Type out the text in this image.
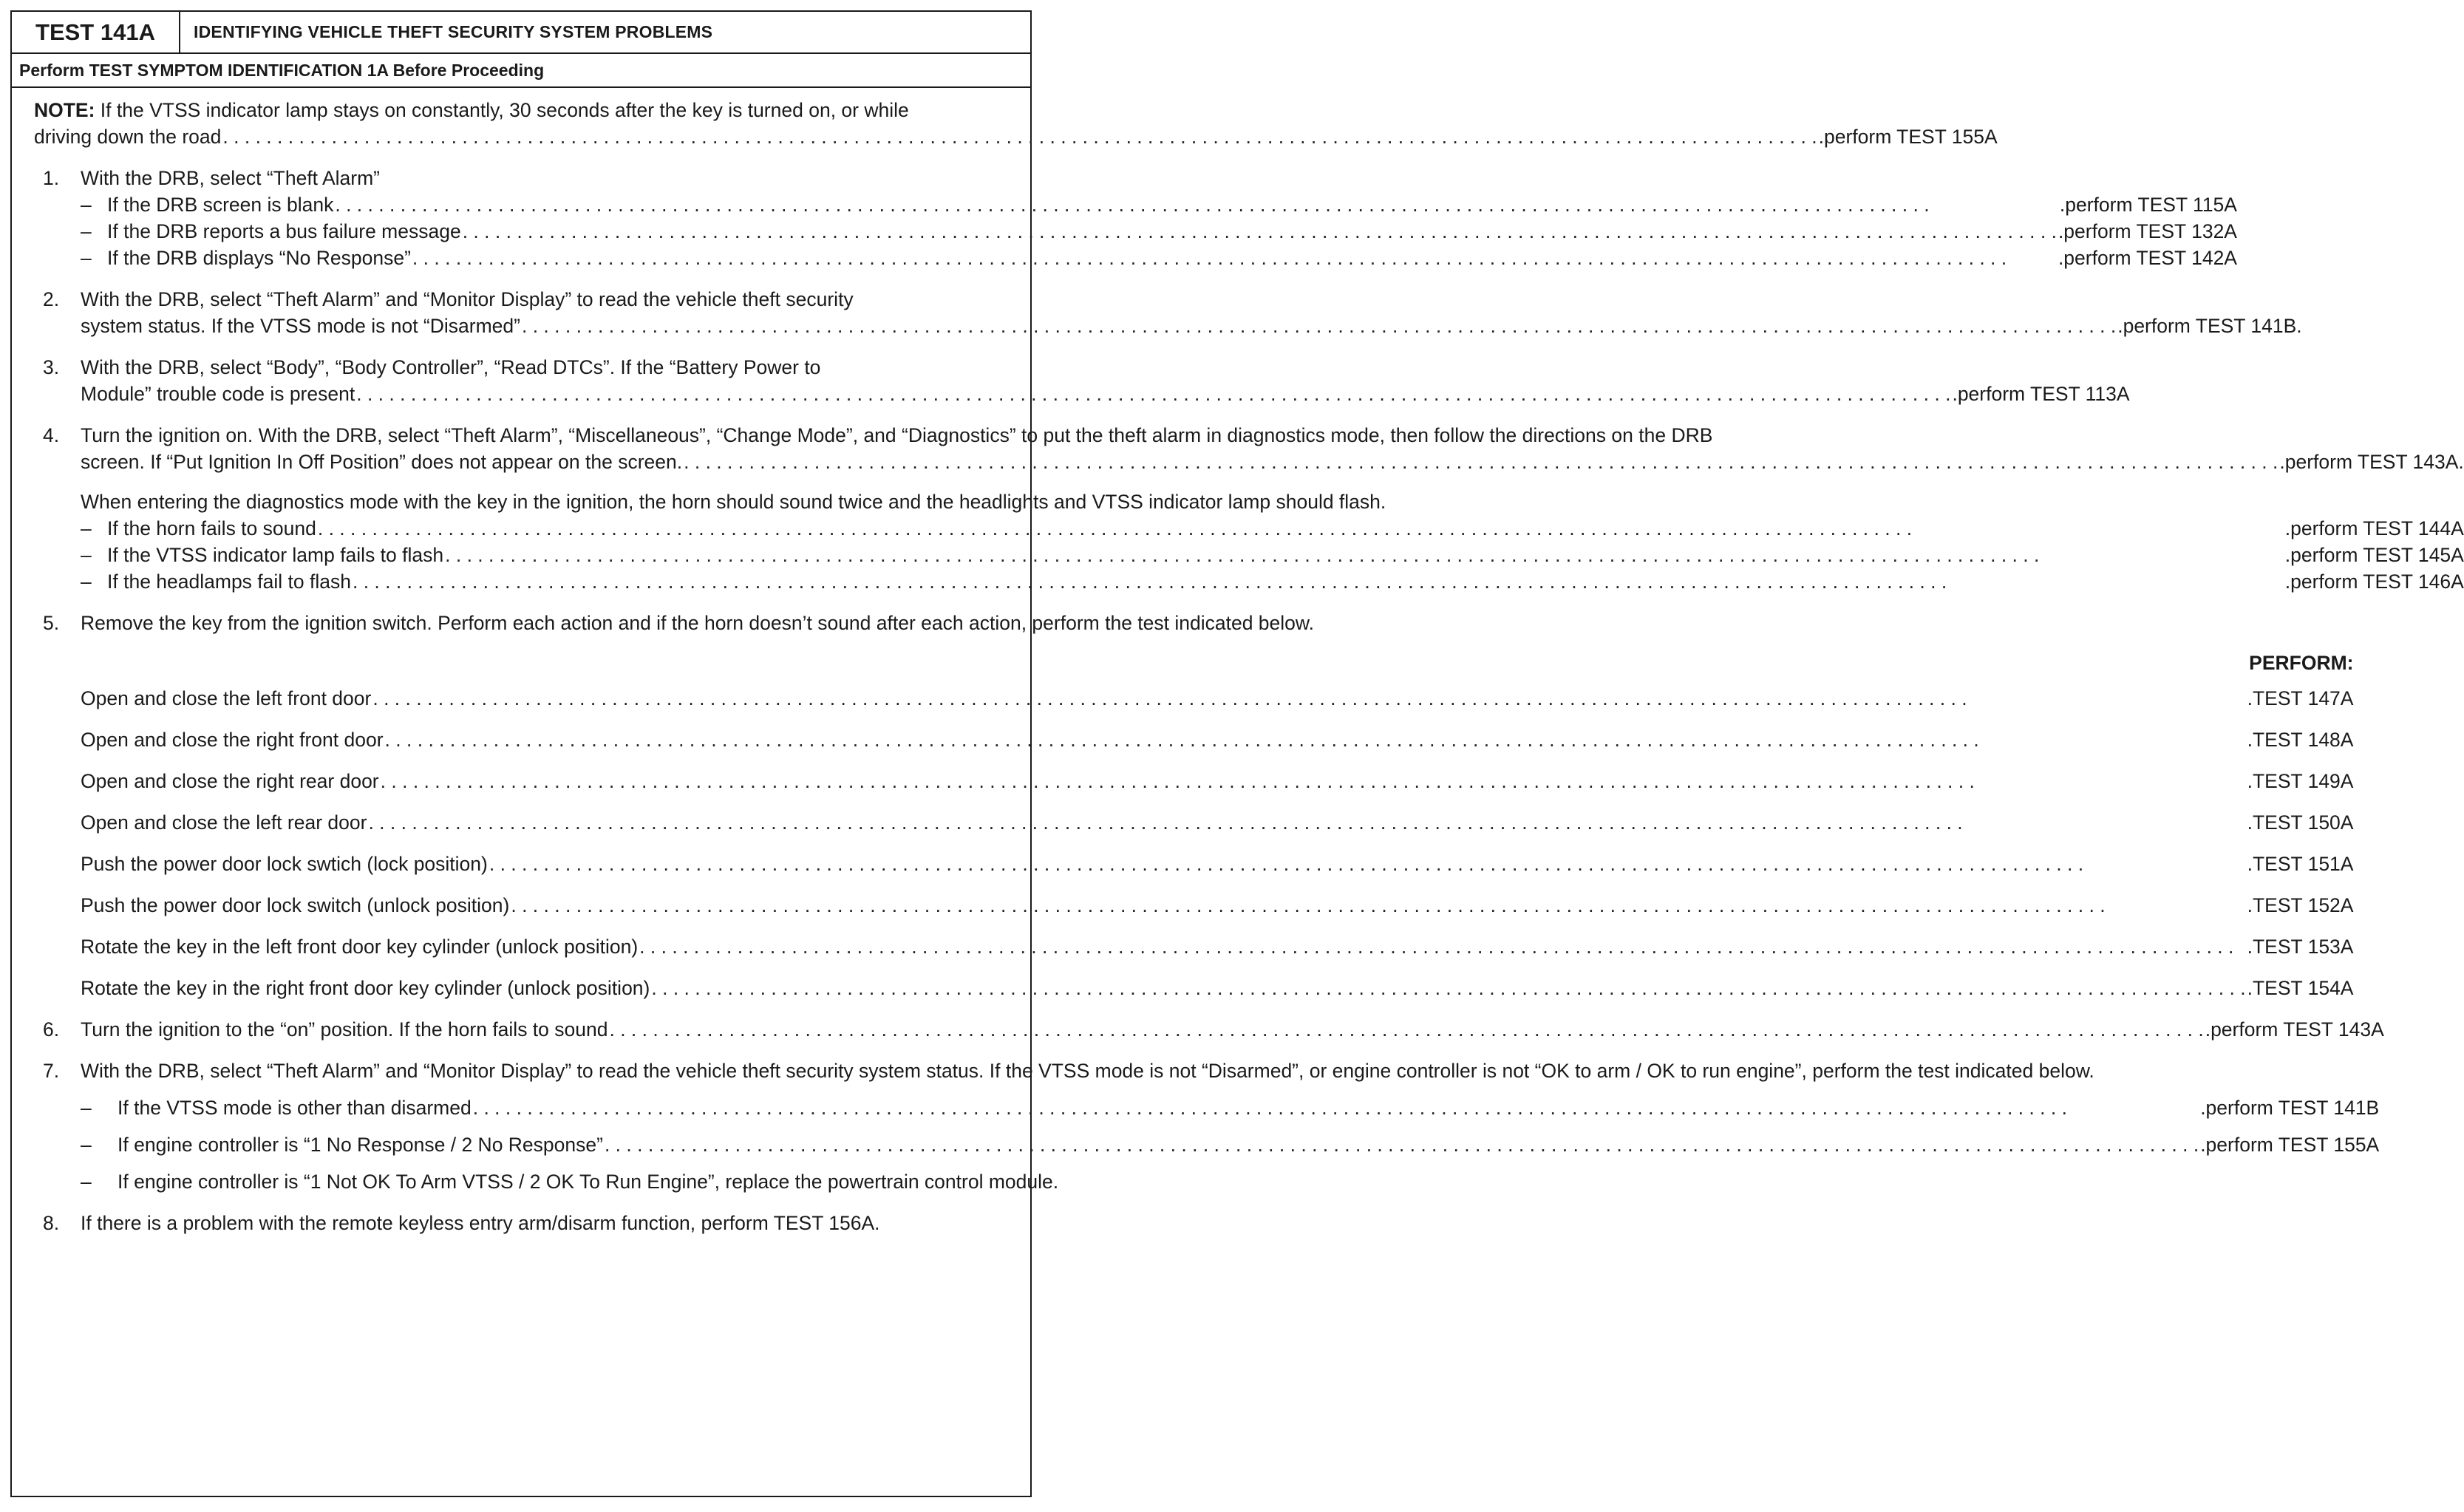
TEST 141A	IDENTIFYING VEHICLE THEFT SECURITY SYSTEM PROBLEMS
Perform TEST SYMPTOM IDENTIFICATION 1A Before Proceeding
NOTE: If the VTSS indicator lamp stays on constantly, 30 seconds after the key is turned on, or while
driving down the road . . .	.perform TEST 155A
1.	With the DRB, select “Theft Alarm”
– If the DRB screen is blank . . .	.perform TEST 115A
– If the DRB reports a bus failure message . . .	.perform TEST 132A
– If the DRB displays “No Response” . . .	.perform TEST 142A
2.	With the DRB, select “Theft Alarm” and “Monitor Display” to read the vehicle theft security
system status. If the VTSS mode is not “Disarmed” . . .	.perform TEST 141B.
3.	With the DRB, select “Body”, “Body Controller”, “Read DTCs”. If the “Battery Power to
Module” trouble code is present . . .	.perform TEST 113A
4.	Turn the ignition on. With the DRB, select “Theft Alarm”, “Miscellaneous”, “Change Mode”, and “Diagnostics” to put the theft alarm in diagnostics mode, then follow the directions on the DRB
screen. If “Put Ignition In Off Position” does not appear on the screen. . . .	.perform TEST 143A.
When entering the diagnostics mode with the key in the ignition, the horn should sound twice and the headlights and VTSS indicator lamp should flash.
– If the horn fails to sound . . .	.perform TEST 144A
– If the VTSS indicator lamp fails to flash . . .	.perform TEST 145A
– If the headlamps fail to flash . . .	.perform TEST 146A
5.	Remove the key from the ignition switch. Perform each action and if the horn doesn’t sound after each action, perform the test indicated below.
PERFORM:
Open and close the left front door . . .	.TEST 147A
Open and close the right front door . . .	.TEST 148A
Open and close the right rear door . . .	.TEST 149A
Open and close the left rear door . . .	.TEST 150A
Push the power door lock swtich (lock position) . . .	.TEST 151A
Push the power door lock switch (unlock position) . . .	.TEST 152A
Rotate the key in the left front door key cylinder (unlock position) . . .	.TEST 153A
Rotate the key in the right front door key cylinder (unlock position) . . .	.TEST 154A
6.	Turn the ignition to the “on” position. If the horn fails to sound . . .	.perform TEST 143A
7.	With the DRB, select “Theft Alarm” and “Monitor Display” to read the vehicle theft security system status. If the VTSS mode is not “Disarmed”, or engine controller is not “OK to arm / OK to run engine”, perform the test indicated below.
–	If the VTSS mode is other than disarmed . . .	.perform TEST 141B
–	If engine controller is “1 No Response / 2 No Response” . . .	.perform TEST 155A
–	If engine controller is “1 Not OK To Arm VTSS / 2 OK To Run Engine”, replace the powertrain control module.
8.	If there is a problem with the remote keyless entry arm/disarm function, perform TEST 156A.
